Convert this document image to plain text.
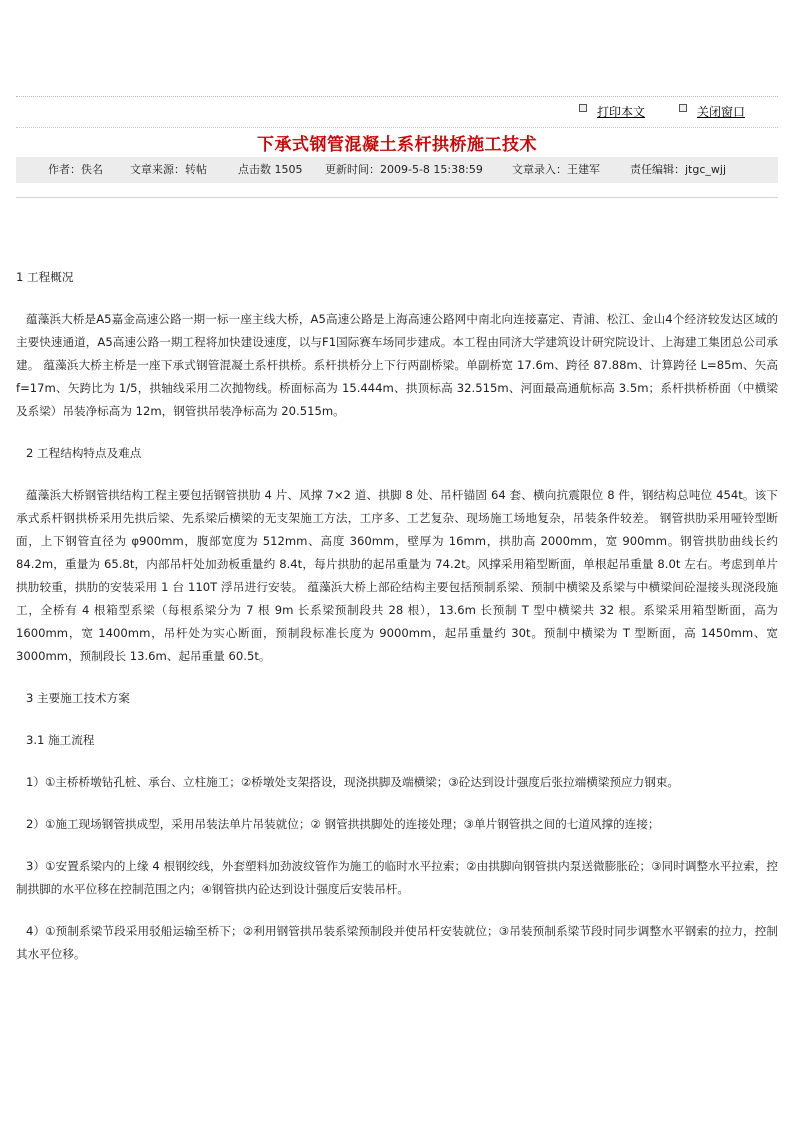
打印本文	关闭窗口
下承式钢管混凝土系杆拱桥施工技术
作者：佚名 文章来源：转帖	点击数 1505 更新时间：2009-5-8 15:38:59	文章录入：王建军	责任编辑：jtgc_wjj

1 工程概况

蕴藻浜大桥是A5嘉金高速公路一期一标一座主线大桥，A5高速公路是上海高速公路网中南北向连接嘉定、青浦、松江、金山4个经济较发达区域的主要快速通道，A5高速公路一期工程将加快建设速度，以与F1国际赛车场同步建成。本工程由同济大学建筑设计研究院设计、上海建工集团总公司承建。 蕴藻浜大桥主桥是一座下承式钢管混凝土系杆拱桥。系杆拱桥分上下行两副桥梁。单副桥宽 17.6m、跨径 87.88m、计算跨径 L=85m、矢高 f=17m、矢跨比为 1/5，拱轴线采用二次抛物线。桥面标高为 15.444m、拱顶标高 32.515m、河面最高通航标高 3.5m；系杆拱桥桥面（中横梁及系梁）吊装净标高为 12m，钢管拱吊装净标高为 20.515m。

2 工程结构特点及难点

蕴藻浜大桥钢管拱结构工程主要包括钢管拱肋 4 片、风撑 7×2 道、拱脚 8 处、吊杆锚固 64 套、横向抗震限位 8 件，钢结构总吨位 454t。该下承式系杆钢拱桥采用先拱后梁、先系梁后横梁的无支架施工方法，工序多、工艺复杂、现场施工场地复杂，吊装条件较差。 钢管拱肋采用哑铃型断面，上下钢管直径为 φ900mm，腹部宽度为 512mm、高度 360mm，壁厚为 16mm，拱肋高 2000mm，宽 900mm。钢管拱肋曲线长约 84.2m，重量为 65.8t，内部吊杆处加劲板重量约 8.4t，每片拱肋的起吊重量为 74.2t。风撑采用箱型断面，单根起吊重量 8.0t 左右。考虑到单片拱肋较重，拱肋的安装采用 1 台 110T 浮吊进行安装。 蕴藻浜大桥上部砼结构主要包括预制系梁、预制中横梁及系梁与中横梁间砼湿接头现浇段施工，全桥有 4 根箱型系梁（每根系梁分为 7 根 9m 长系梁预制段共 28 根），13.6m 长预制 T 型中横梁共 32 根。系梁采用箱型断面，高为 1600mm，宽 1400mm，吊杆处为实心断面，预制段标准长度为 9000mm，起吊重量约 30t。预制中横梁为 T 型断面，高 1450mm、宽 3000mm，预制段长 13.6m、起吊重量 60.5t。

3 主要施工技术方案

3.1 施工流程

1）①主桥桥墩钻孔桩、承台、立柱施工；②桥墩处支架搭设，现浇拱脚及端横梁；③砼达到设计强度后张拉端横梁预应力钢束。

2）①施工现场钢管拱成型，采用吊装法单片吊装就位；② 钢管拱拱脚处的连接处理；③单片钢管拱之间的七道风撑的连接；

3）①安置系梁内的上缘 4 根钢绞线，外套塑料加劲波纹管作为施工的临时水平拉索；②由拱脚向钢管拱内泵送微膨胀砼；③同时调整水平拉索，控制拱脚的水平位移在控制范围之内；④钢管拱内砼达到设计强度后安装吊杆。

4）①预制系梁节段采用驳船运输至桥下；②利用钢管拱吊装系梁预制段并使吊杆安装就位；③吊装预制系梁节段时同步调整水平钢索的拉力，控制其水平位移。
